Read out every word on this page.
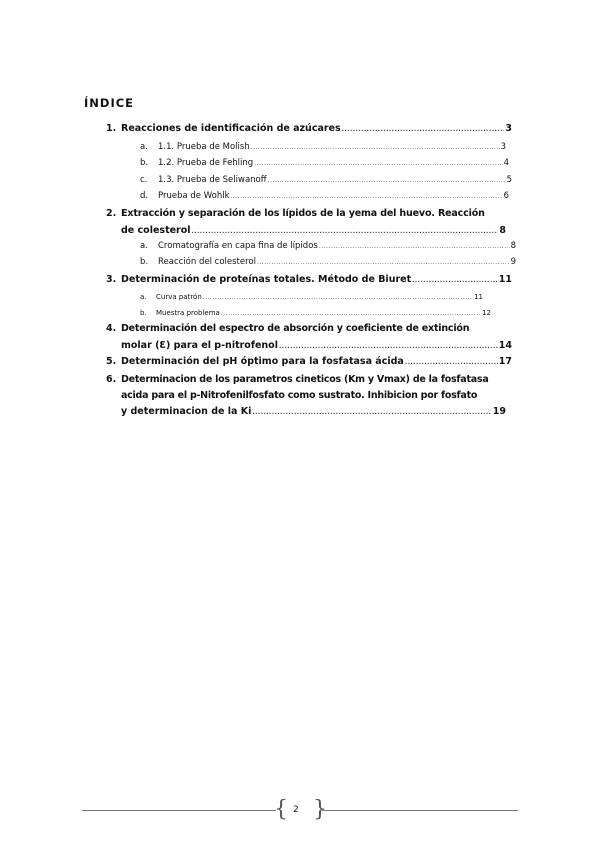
ÍNDICE
1. Reacciones de identificación de azúcares .....	3
a. 1.1. Prueba de Molish .....	3
b. 1.2. Prueba de Fehling .....	4
c. 1.3. Prueba de Seliwanoff .....	5
d. Prueba de Wohlk .....	6
2. Extracción y separación de los lípidos de la yema del huevo. Reacción
de colesterol .....	8
a. Cromatografía en capa fina de lípidos .....	8
b. Reacción del colesterol .....	9
3. Determinación de proteínas totales. Método de Biuret .....	11
a. Curva patrón .....	11
b. Muestra problema .....	12
4. Determinación del espectro de absorción y coeficiente de extinción
molar (Ɛ) para el p-nitrofenol .....	14
5. Determinación del pH óptimo para la fosfatasa ácida .....	17
6. Determinacion de los parametros cineticos (Km y Vmax) de la fosfatasa
acida para el p-Nitrofenilfosfato como sustrato. Inhibicion por fosfato
y determinacion de la Ki .....	19
{ }
2
